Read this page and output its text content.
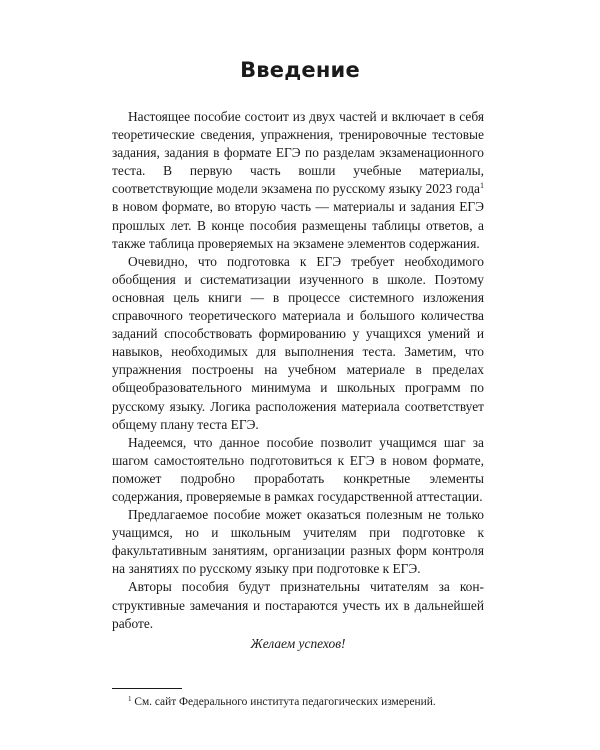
Введение

Настоящее пособие состоит из двух частей и включает в себя теоретические сведения, упражнения, тренировочные тестовые задания, задания в формате ЕГЭ по разделам экзаменационного теста. В первую часть вошли учебные материалы, соответствующие модели экзамена по русскому языку 2023 года$^1$ в новом формате, во вторую часть — материалы и задания ЕГЭ прошлых лет. В конце пособия размещены таблицы ответов, а также таблица проверяемых на экзамене элементов содержания.

Очевидно, что подготовка к ЕГЭ требует необходимого обобщения и систематизации изученного в школе. Поэтому основная цель книги — в процессе системного изложения справочного теоретического материала и большого количества заданий способствовать формированию у учащихся умений и навыков, необходимых для выполнения теста. Заметим, что упражнения построены на учебном материале в пределах общеобразовательного минимума и школьных программ по русскому языку. Логика расположения материала соответствует общему плану теста ЕГЭ.

Надеемся, что данное пособие позволит учащимся шаг за шагом самостоятельно подготовиться к ЕГЭ в новом формате, поможет подробно проработать конкретные элементы содержания, проверяемые в рамках государственной аттестации.

Предлагаемое пособие может оказаться полезным не только учащимся, но и школьным учителям при подготовке к факультативным занятиям, организации разных форм контроля на занятиях по русскому языку при подготовке к ЕГЭ.

Авторы пособия будут признательны читателям за конструктивные замечания и постараются учесть их в дальнейшей работе.

Желаем успехов!

$^1$ См. сайт Федерального института педагогических измерений.
